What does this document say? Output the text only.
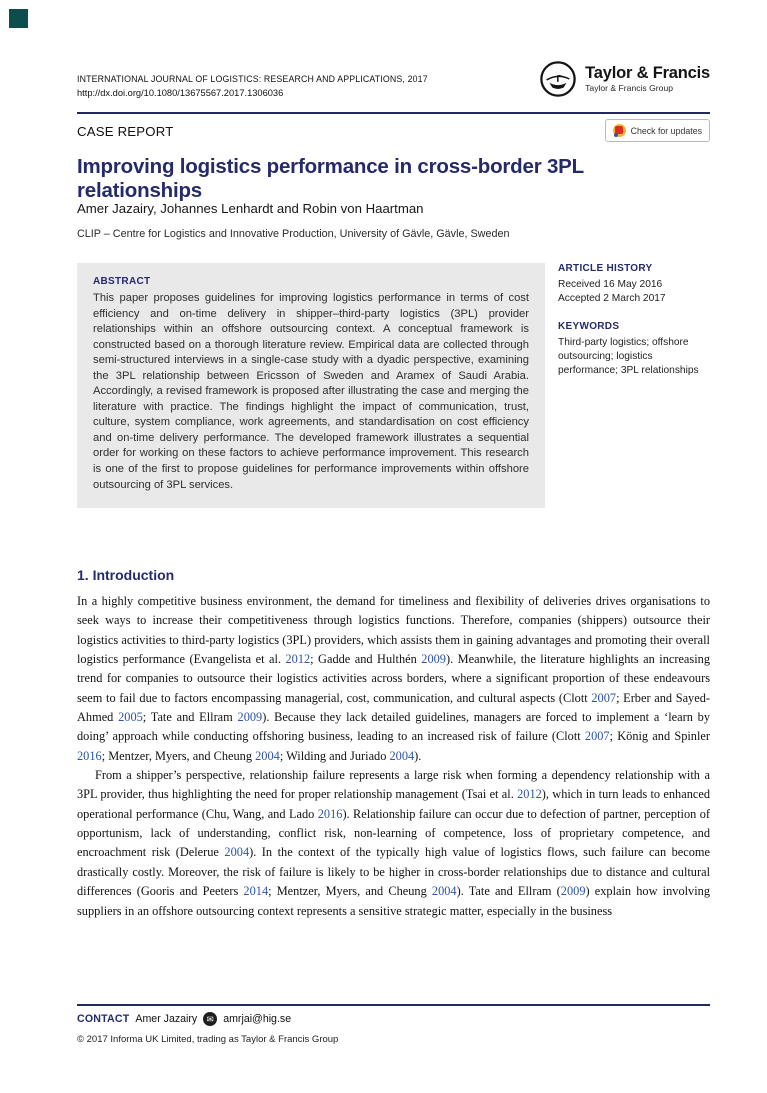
INTERNATIONAL JOURNAL OF LOGISTICS: RESEARCH AND APPLICATIONS, 2017
http://dx.doi.org/10.1080/13675567.2017.1306036
Taylor & Francis
Taylor & Francis Group
CASE REPORT	Check for updates
Improving logistics performance in cross-border 3PL relationships
Amer Jazairy, Johannes Lenhardt and Robin von Haartman
CLIP – Centre for Logistics and Innovative Production, University of Gävle, Gävle, Sweden
ABSTRACT
This paper proposes guidelines for improving logistics performance in terms of cost efficiency and on-time delivery in shipper–third-party logistics (3PL) provider relationships within an offshore outsourcing context. A conceptual framework is constructed based on a thorough literature review. Empirical data are collected through semi-structured interviews in a single-case study with a dyadic perspective, examining the 3PL relationship between Ericsson of Sweden and Aramex of Saudi Arabia. Accordingly, a revised framework is proposed after illustrating the case and merging the literature with practice. The findings highlight the impact of communication, trust, culture, system compliance, work agreements, and standardisation on cost efficiency and on-time delivery performance. The developed framework illustrates a sequential order for working on these factors to achieve performance improvement. This research is one of the first to propose guidelines for performance improvements within offshore outsourcing of 3PL services.
ARTICLE HISTORY
Received 16 May 2016
Accepted 2 March 2017
KEYWORDS
Third-party logistics; offshore outsourcing; logistics performance; 3PL relationships
1. Introduction

In a highly competitive business environment, the demand for timeliness and flexibility of deliveries drives organisations to seek ways to increase their competitiveness through logistics functions. Therefore, companies (shippers) outsource their logistics activities to third-party logistics (3PL) providers, which assists them in gaining advantages and promoting their overall logistics performance (Evangelista et al. 2012; Gadde and Hulthén 2009). Meanwhile, the literature highlights an increasing trend for companies to outsource their logistics activities across borders, where a significant proportion of these endeavours seem to fail due to factors encompassing managerial, cost, communication, and cultural aspects (Clott 2007; Erber and Sayed-Ahmed 2005; Tate and Ellram 2009). Because they lack detailed guidelines, managers are forced to implement a ‘learn by doing’ approach while conducting offshoring business, leading to an increased risk of failure (Clott 2007; König and Spinler 2016; Mentzer, Myers, and Cheung 2004; Wilding and Juriado 2004).

From a shipper’s perspective, relationship failure represents a large risk when forming a dependency relationship with a 3PL provider, thus highlighting the need for proper relationship management (Tsai et al. 2012), which in turn leads to enhanced operational performance (Chu, Wang, and Lado 2016). Relationship failure can occur due to defection of partner, perception of opportunism, lack of understanding, conflict risk, non-learning of competence, loss of proprietary competence, and encroachment risk (Delerue 2004). In the context of the typically high value of logistics flows, such failure can become drastically costly. Moreover, the risk of failure is likely to be higher in cross-border relationships due to distance and cultural differences (Gooris and Peeters 2014; Mentzer, Myers, and Cheung 2004). Tate and Ellram (2009) explain how involving suppliers in an offshore outsourcing context represents a sensitive strategic matter, especially in the business

CONTACT Amer Jazairy	✉ amrjai@hig.se
© 2017 Informa UK Limited, trading as Taylor & Francis Group
